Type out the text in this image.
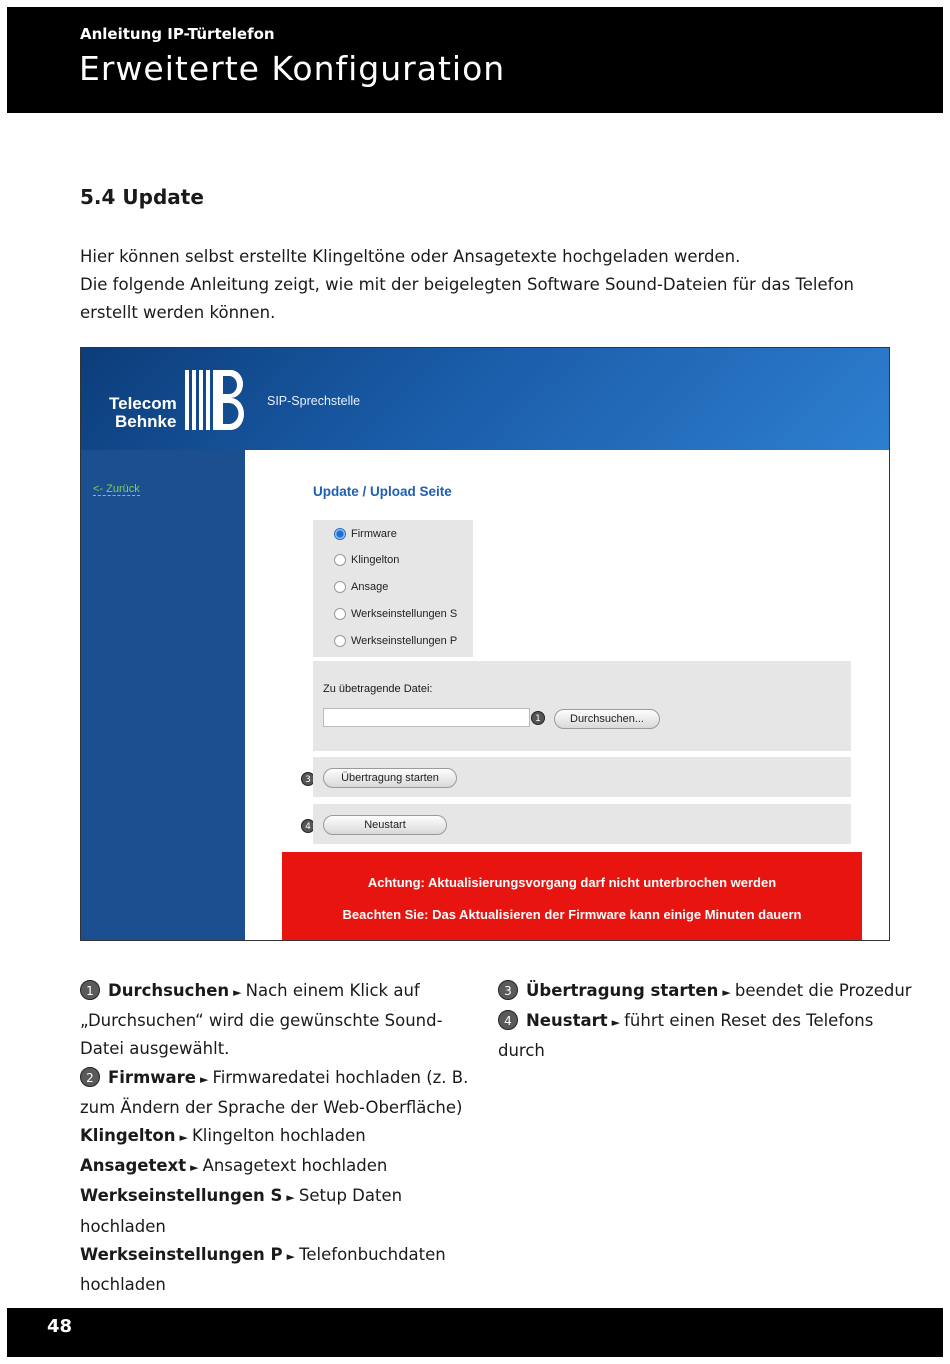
Anleitung IP-Türtelefon
Erweiterte Konfiguration
5.4 Update
Hier können selbst erstellte Klingeltöne oder Ansagetexte hochgeladen werden.
Die folgende Anleitung zeigt, wie mit der beigelegten Software Sound-Dateien für das Telefon erstellt werden können.
Telecom
Behnke
SIP-Sprechstelle
<- Zurück	Update / Upload Seite
Firmware
Klingelton
Ansage
Werkseinstellungen S
Werkseinstellungen P
Zu übetragende Datei:
1	Durchsuchen...
3	Übertragung starten
4	Neustart
Achtung: Aktualisierungsvorgang darf nicht unterbrochen werden
Beachten Sie: Das Aktualisieren der Firmware kann einige Minuten dauern

1 Durchsuchen ► Nach einem Klick auf
„Durchsuchen“ wird die gewünschte Sound-
Datei ausgewählt.

2 Firmware ► Firmwaredatei hochladen (z. B.
zum Ändern der Sprache der Web-Oberfläche)

Klingelton ► Klingelton hochladen

Ansagetext ► Ansagetext hochladen

Werkseinstellungen S ► Setup Daten hochladen

Werkseinstellungen P ► Telefonbuchdaten
hochladen

3 Übertragung starten ► beendet die Prozedur

4 Neustart ► führt einen Reset des Telefons
durch

48
